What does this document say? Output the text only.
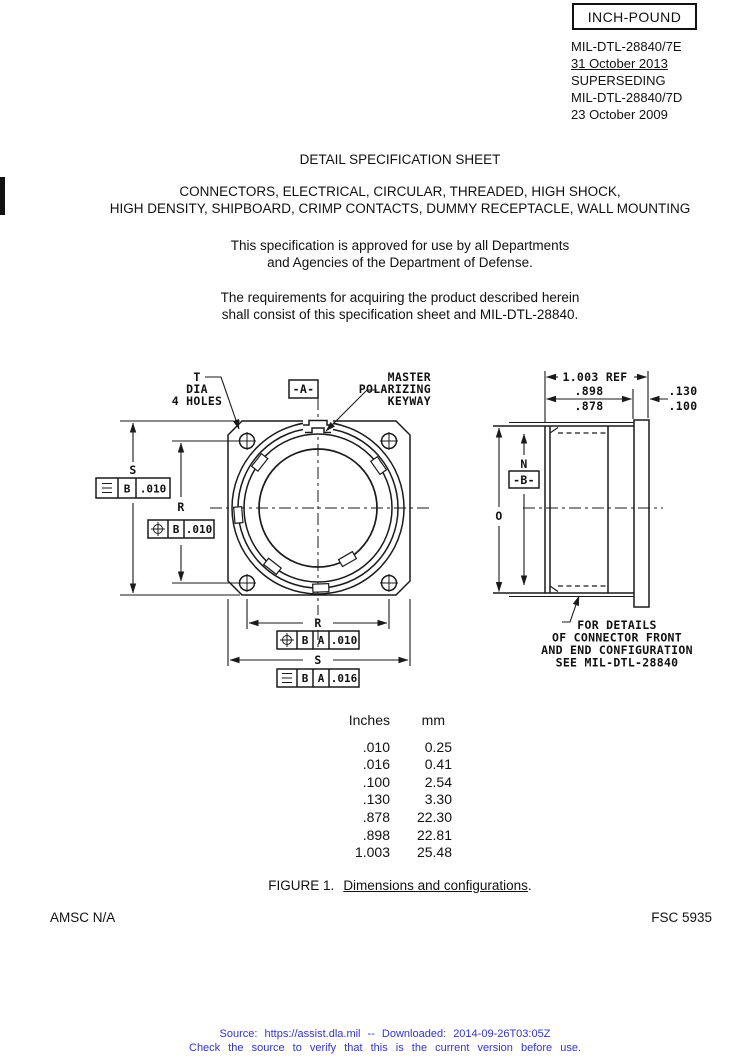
INCH-POUND
MIL-DTL-28840/7E
31 October 2013
SUPERSEDING
MIL-DTL-28840/7D
23 October 2009
DETAIL SPECIFICATION SHEET
CONNECTORS, ELECTRICAL, CIRCULAR, THREADED, HIGH SHOCK,
HIGH DENSITY, SHIPBOARD, CRIMP CONTACTS, DUMMY RECEPTACLE, WALL MOUNTING
This specification is approved for use by all Departments
and Agencies of the Department of Defense.
The requirements for acquiring the product described herein
shall consist of this specification sheet and MIL-DTL-28840.
-A-
T
DIA
4 HOLES
MASTER
POLARIZING
KEYWAY
S
B .010
R
B .010
R
B A .010
S
B A .016
O
N
-B-
1.003 REF
.898
.878
.130
.100
FOR DETAILS
OF CONNECTOR FRONT
AND END CONFIGURATION
SEE MIL-DTL-28840
Inches	mm
.010	0.25
.016	0.41
.100	2.54
.130	3.30
.878	22.30
.898	22.81
1.003	25.48
FIGURE 1. Dimensions and configurations.
AMSC N/A	FSC 5935
Source: https://assist.dla.mil -- Downloaded: 2014-09-26T03:05Z
Check the source to verify that this is the current version before use.
